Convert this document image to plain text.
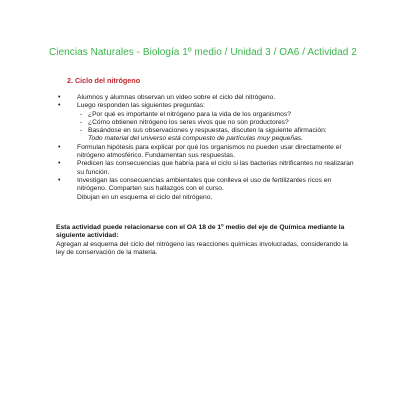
Ciencias Naturales - Biología 1º medio / Unidad 3 / OA6 / Actividad 2
2. Ciclo del nitrógeno
• Alumnos y alumnas observan un video sobre el ciclo del nitrógeno.
• Luego responden las siguientes preguntas:
- ¿Por qué es importante el nitrógeno para la vida de los organismos?
- ¿Cómo obtienen nitrógeno los seres vivos que no son productores?
- Basándose en sus observaciones y respuestas, discuten la siguiente afirmación:
Todo material del universo está compuesto de partículas muy pequeñas.
• Formulan hipótesis para explicar por qué los organismos no pueden usar directamente el nitrógeno atmosférico. Fundamentan sus respuestas.
• Predicen las consecuencias que habría para el ciclo si las bacterias nitrificantes no realizaran su función.
• Investigan las consecuencias ambientales que conlleva el uso de fertilizantes ricos en nitrógeno. Comparten sus hallazgos con el curso.
Dibujan en un esquema el ciclo del nitrógeno.
Esta actividad puede relacionarse con el OA 18 de 1º medio del eje de Química mediante la siguiente actividad:
Agregan al esquema del ciclo del nitrógeno las reacciones químicas involucradas, considerando la ley de conservación de la materia.
